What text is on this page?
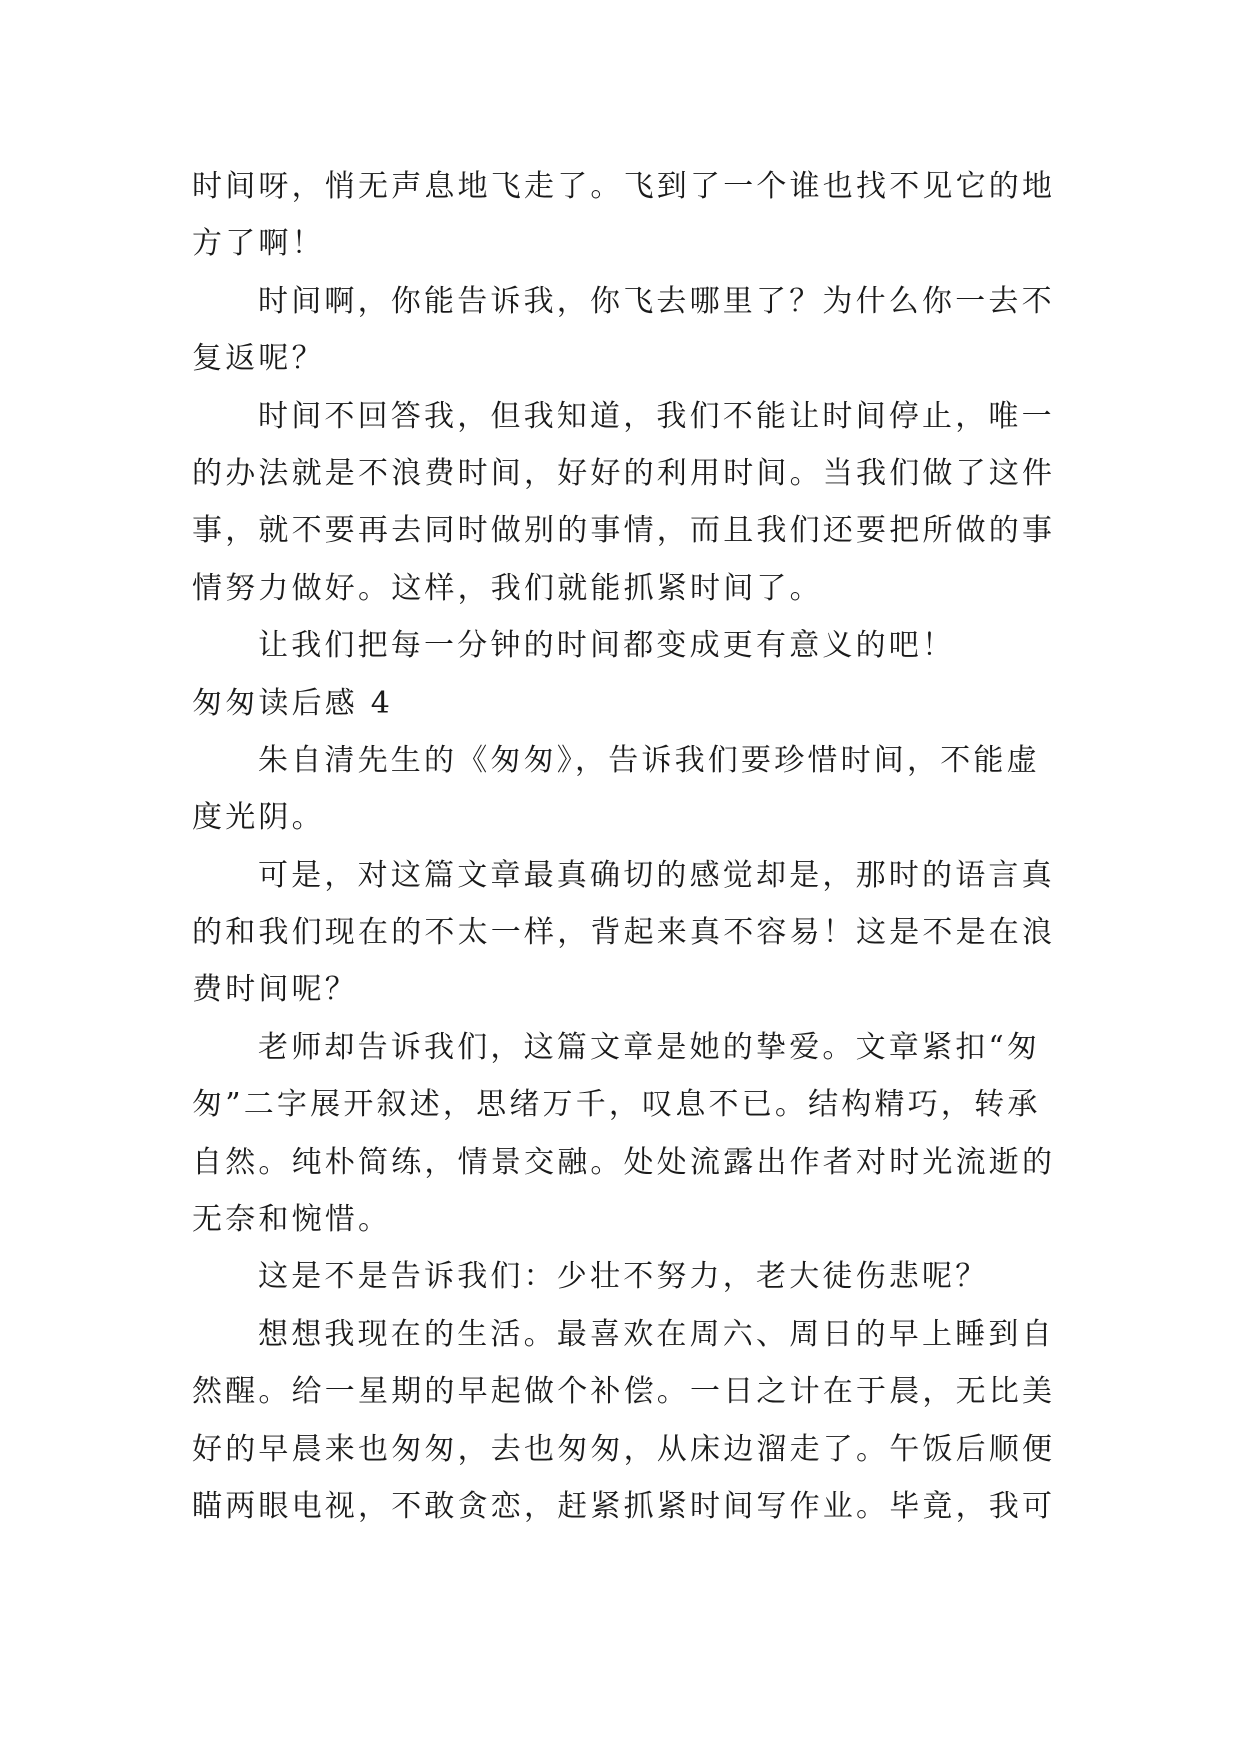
时间呀，悄无声息地飞走了。飞到了一个谁也找不见它的地

方了啊！

时间啊，你能告诉我，你飞去哪里了？为什么你一去不

复返呢？

时间不回答我，但我知道，我们不能让时间停止，唯一

的办法就是不浪费时间，好好的利用时间。当我们做了这件

事，就不要再去同时做别的事情，而且我们还要把所做的事

情努力做好。这样，我们就能抓紧时间了。

让我们把每一分钟的时间都变成更有意义的吧！

匆匆读后感 4

朱自清先生的《匆匆》，告诉我们要珍惜时间，不能虚

度光阴。

可是，对这篇文章最真确切的感觉却是，那时的语言真

的和我们现在的不太一样，背起来真不容易！这是不是在浪

费时间呢？

老师却告诉我们，这篇文章是她的挚爱。文章紧扣“匆

匆”二字展开叙述，思绪万千，叹息不已。结构精巧，转承

自然。纯朴简练，情景交融。处处流露出作者对时光流逝的

无奈和惋惜。

这是不是告诉我们：少壮不努力，老大徒伤悲呢？

想想我现在的生活。最喜欢在周六、周日的早上睡到自

然醒。给一星期的早起做个补偿。一日之计在于晨，无比美

好的早晨来也匆匆，去也匆匆，从床边溜走了。午饭后顺便

瞄两眼电视，不敢贪恋，赶紧抓紧时间写作业。毕竟，我可
